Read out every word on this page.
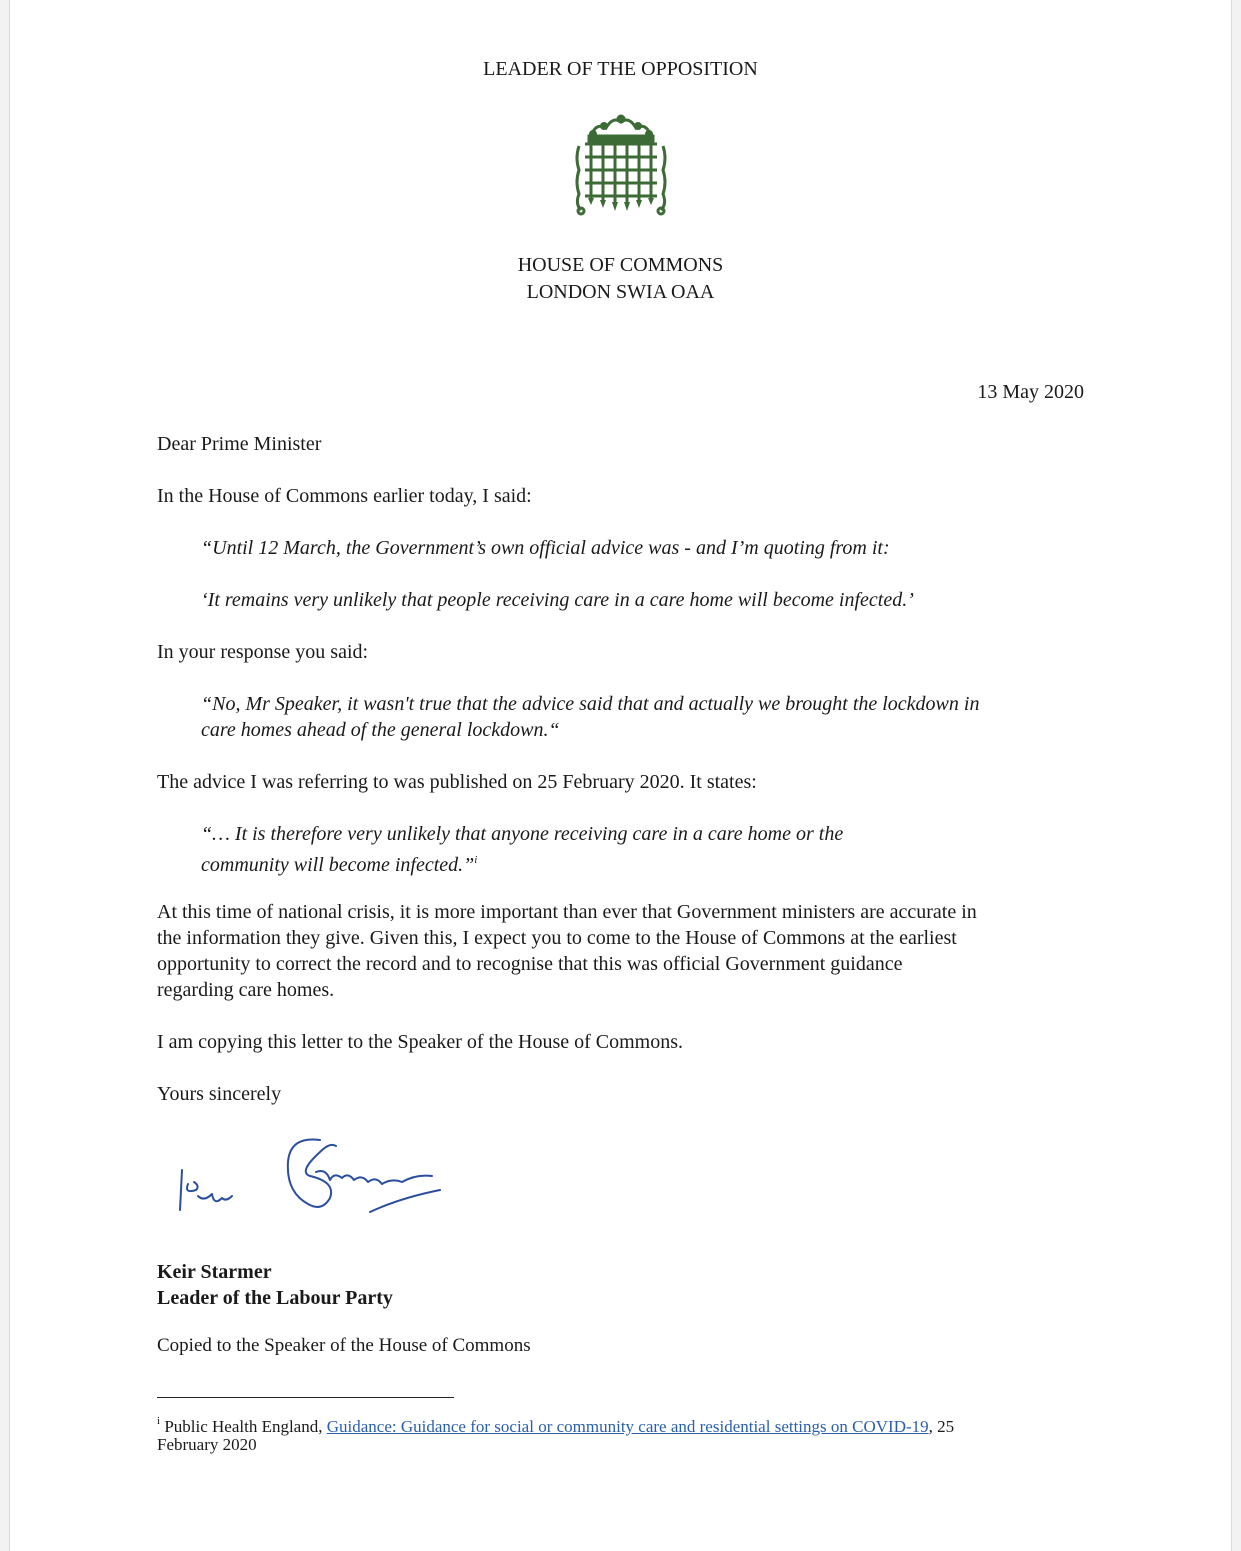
LEADER OF THE OPPOSITION
HOUSE OF COMMONS
LONDON SWIA OAA
13 May 2020
Dear Prime Minister
In the House of Commons earlier today, I said:
“Until 12 March, the Government’s own official advice was - and I’m quoting from it:
‘It remains very unlikely that people receiving care in a care home will become infected.’
In your response you said:
“No, Mr Speaker, it wasn't true that the advice said that and actually we brought the lockdown in
care homes ahead of the general lockdown.“
The advice I was referring to was published on 25 February 2020. It states:
“… It is therefore very unlikely that anyone receiving care in a care home or the
community will become infected.”$^i$
At this time of national crisis, it is more important than ever that Government ministers are accurate in
the information they give. Given this, I expect you to come to the House of Commons at the earliest
opportunity to correct the record and to recognise that this was official Government guidance
regarding care homes.
I am copying this letter to the Speaker of the House of Commons.
Yours sincerely
Keir Starmer
Leader of the Labour Party
Copied to the Speaker of the House of Commons
$^i$ Public Health England, Guidance: Guidance for social or community care and residential settings on COVID-19, 25
February 2020
